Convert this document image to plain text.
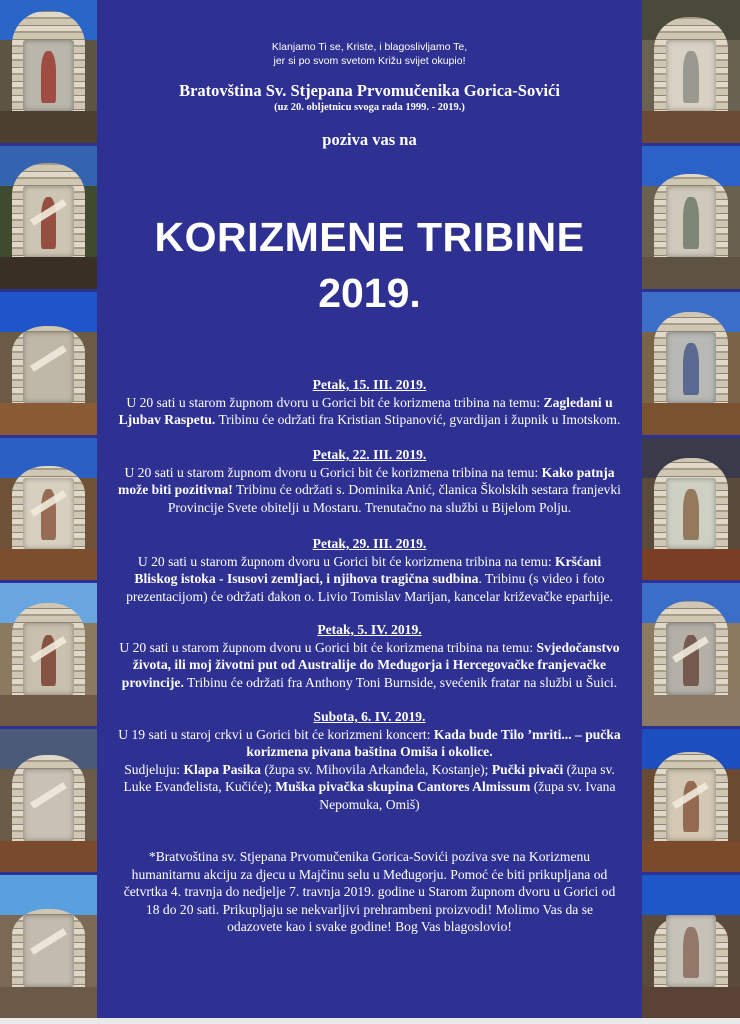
Klanjamo Ti se, Kriste, i blagoslivljamo Te,
jer si po svom svetom Križu svijet okupio!
Bratovština Sv. Stjepana Prvomučenika Gorica-Sovići
(uz 20. obljetnicu svoga rada 1999. - 2019.)
poziva vas na
KORIZMENE TRIBINE
2019.
Petak, 15. III. 2019.
U 20 sati u starom župnom dvoru u Gorici bit će korizmena tribina na temu: Zagledani u Ljubav Raspetu. Tribinu će održati fra Kristian Stipanović, gvardijan i župnik u Imotskom.
Petak, 22. III. 2019.
U 20 sati u starom župnom dvoru u Gorici bit će korizmena tribina na temu: Kako patnja može biti pozitivna! Tribinu će održati s. Dominika Anić, članica Školskih sestara franjevki Provincije Svete obitelji u Mostaru. Trenutačno na službi u Bijelom Polju.
Petak, 29. III. 2019.
U 20 sati u starom župnom dvoru u Gorici bit će korizmena tribina na temu: Kršćani Bliskog istoka - Isusovi zemljaci, i njihova tragična sudbina. Tribinu (s video i foto prezentacijom) će održati đakon o. Livio Tomislav Marijan, kancelar križevačke eparhije.
Petak, 5. IV. 2019.
U 20 sati u starom župnom dvoru u Gorici bit će korizmena tribina na temu: Svjedočanstvo života, ili moj životni put od Australije do Međugorja i Hercegovačke franjevačke provincije. Tribinu će održati fra Anthony Toni Burnside, svećenik fratar na službi u Šuici.
Subota, 6. IV. 2019.
U 19 sati u staroj crkvi u Gorici bit će korizmeni koncert: Kada bude Tilo ’mriti... – pučka korizmena pivana baština Omiša i okolice.
Sudjeluju: Klapa Pasika (župa sv. Mihovila Arkanđela, Kostanje); Pučki pivači (župa sv. Luke Evanđelista, Kučiće); Muška pivačka skupina Cantores Almissum (župa sv. Ivana Nepomuka, Omiš)
*Bratvoština sv. Stjepana Prvomučenika Gorica-Sovići poziva sve na Korizmenu humanitarnu akciju za djecu u Majčinu selu u Međugorju. Pomoć će biti prikupljana od četvrtka 4. travnja do nedjelje 7. travnja 2019. godine u Starom župnom dvoru u Gorici od 18 do 20 sati. Prikupljaju se nekvarljivi prehrambeni proizvodi! Molimo Vas da se odazovete kao i svake godine! Bog Vas blagoslovio!
